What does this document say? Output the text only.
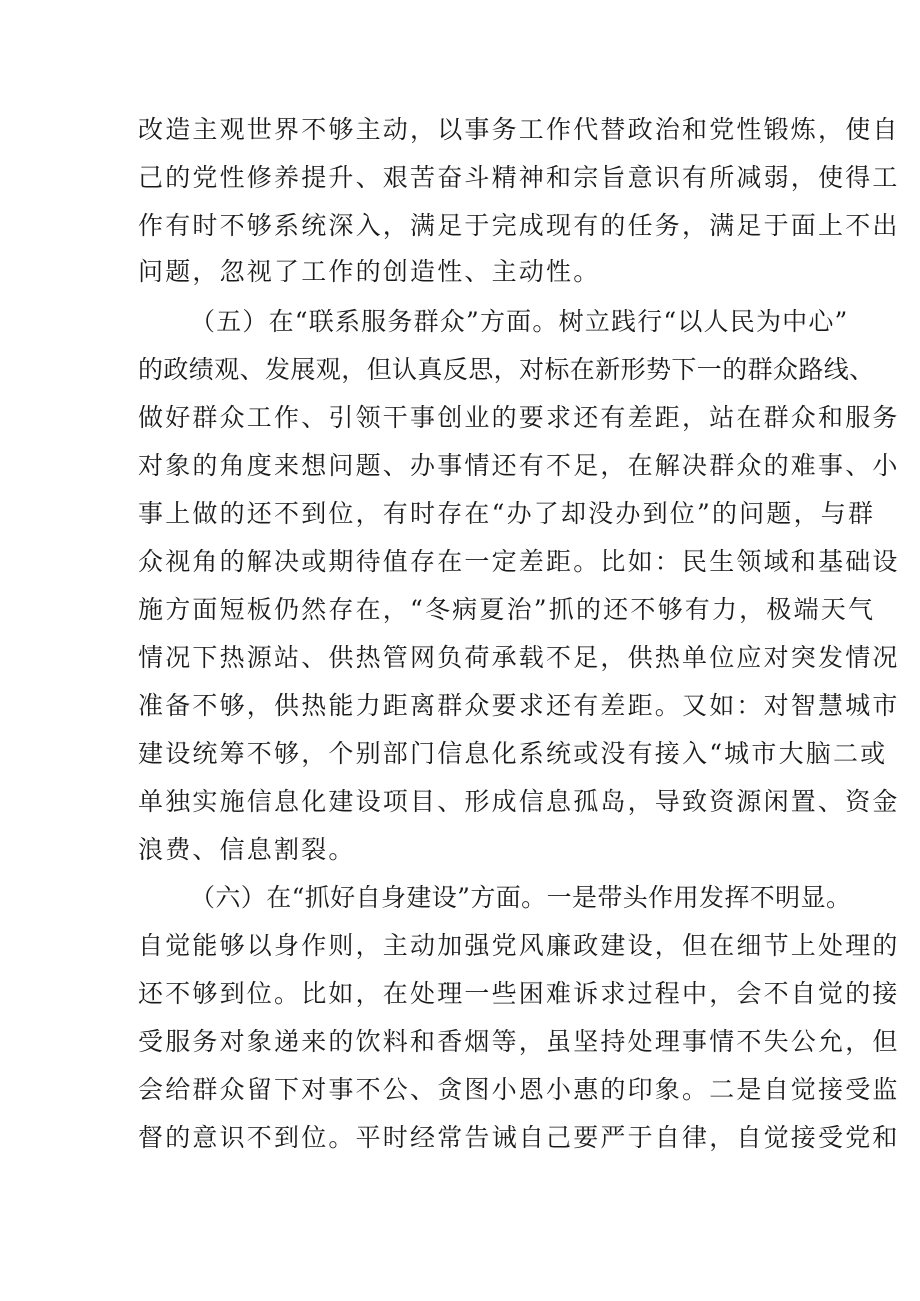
改造主观世界不够主动，以事务工作代替政治和党性锻炼，使自
己的党性修养提升、艰苦奋斗精神和宗旨意识有所减弱，使得工
作有时不够系统深入，满足于完成现有的任务，满足于面上不出
问题，忽视了工作的创造性、主动性。
（五）在“联系服务群众”方面。树立践行“以人民为中心”
的政绩观、发展观，但认真反思，对标在新形势下一的群众路线、
做好群众工作、引领干事创业的要求还有差距，站在群众和服务
对象的角度来想问题、办事情还有不足，在解决群众的难事、小
事上做的还不到位，有时存在“办了却没办到位”的问题，与群
众视角的解决或期待值存在一定差距。比如：民生领域和基础设
施方面短板仍然存在，“冬病夏治”抓的还不够有力，极端天气
情况下热源站、供热管网负荷承载不足，供热单位应对突发情况
准备不够，供热能力距离群众要求还有差距。又如：对智慧城市
建设统筹不够，个别部门信息化系统或没有接入“城市大脑二或
单独实施信息化建设项目、形成信息孤岛，导致资源闲置、资金
浪费、信息割裂。
（六）在“抓好自身建设”方面。一是带头作用发挥不明显。
自觉能够以身作则，主动加强党风廉政建设，但在细节上处理的
还不够到位。比如，在处理一些困难诉求过程中，会不自觉的接
受服务对象递来的饮料和香烟等，虽坚持处理事情不失公允，但
会给群众留下对事不公、贪图小恩小惠的印象。二是自觉接受监
督的意识不到位。平时经常告诫自己要严于自律，自觉接受党和
